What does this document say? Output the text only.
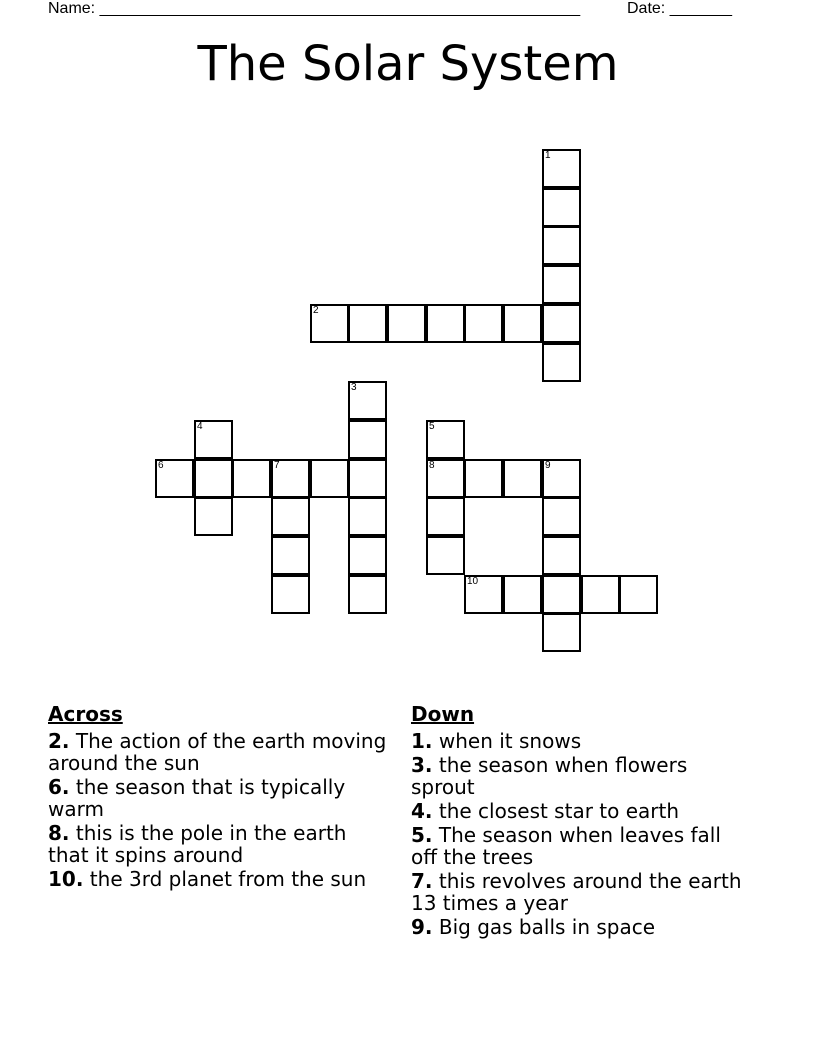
Name: ______________________________________________________	Date: _______
The Solar System
1
2
3
4	5
6	7	8	9
10
Across
2. The action of the earth moving around the sun
6. the season that is typically warm
8. this is the pole in the earth that it spins around
10. the 3rd planet from the sun
Down
1. when it snows
3. the season when flowers sprout
4. the closest star to earth
5. The season when leaves fall off the trees
7. this revolves around the earth 13 times a year
9. Big gas balls in space
